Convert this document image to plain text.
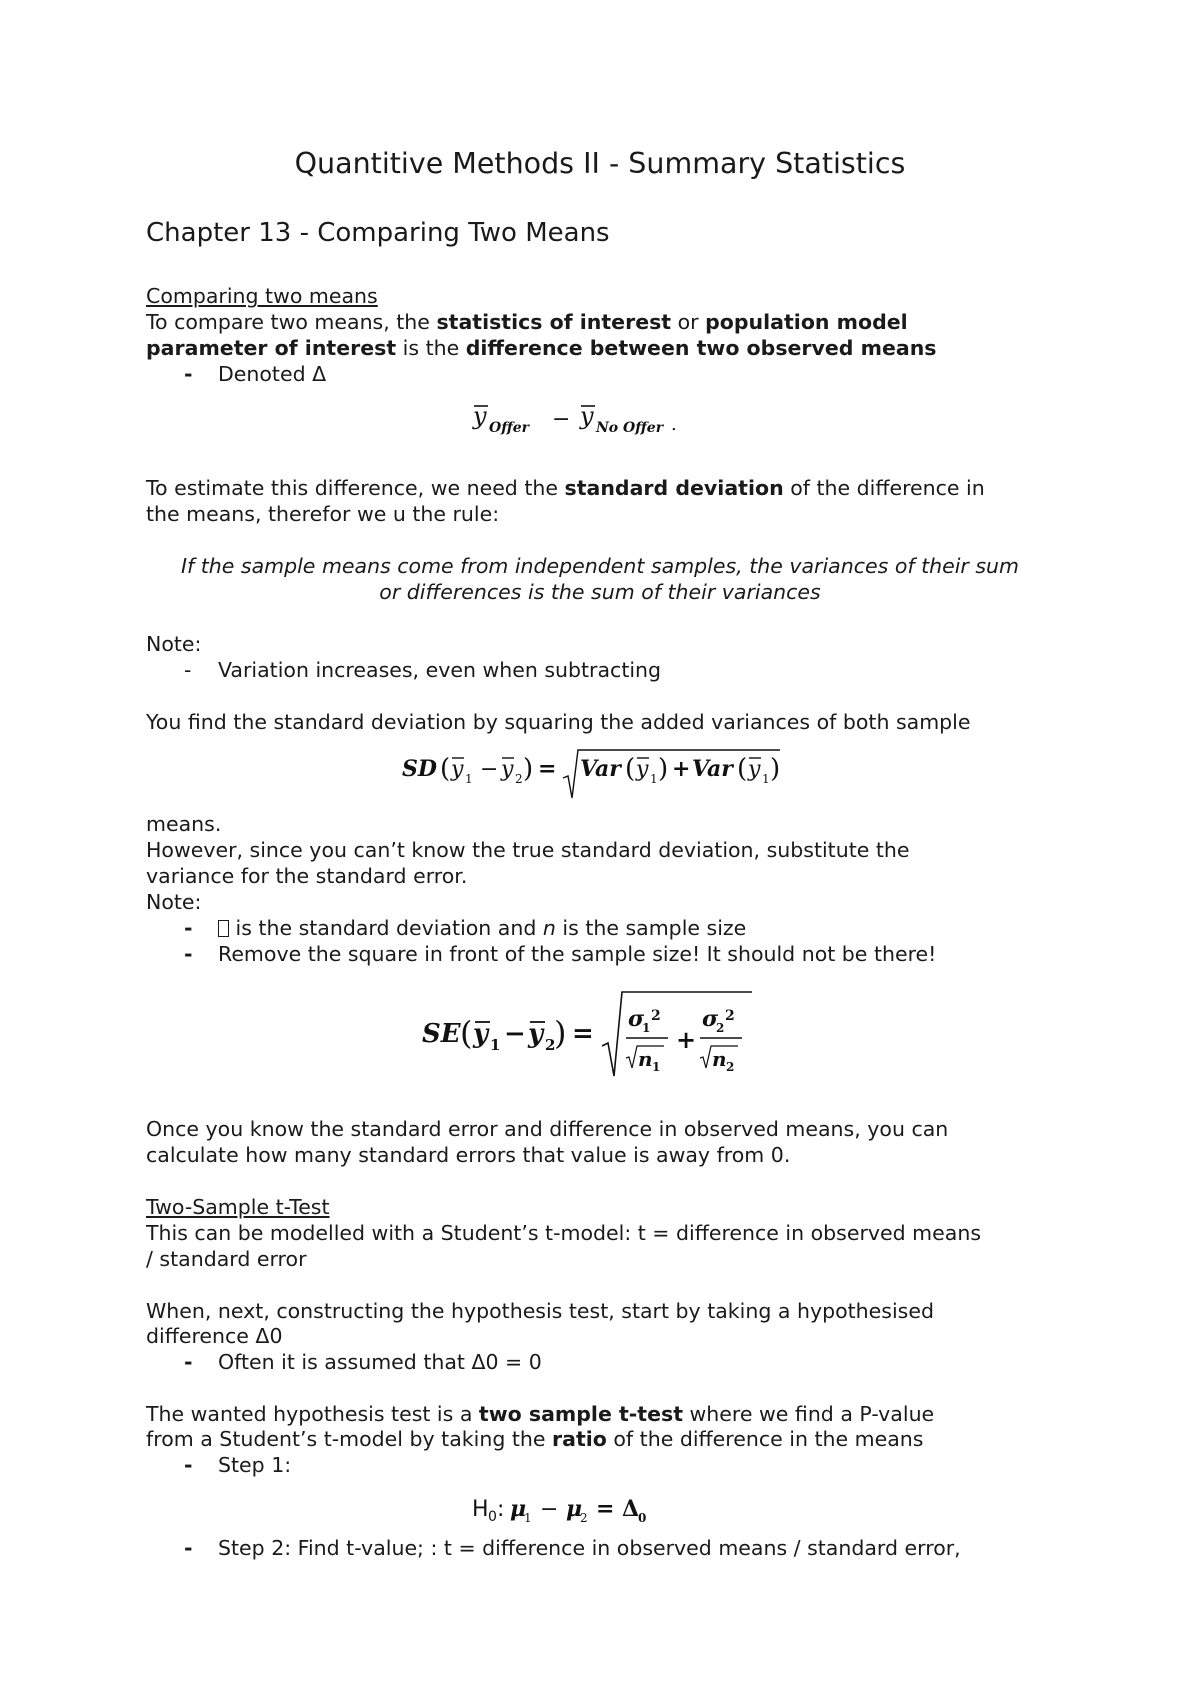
Quantitive Methods II - Summary Statistics
Chapter 13 - Comparing Two Means
Comparing two means
To compare two means, the statistics of interest or population model
parameter of interest is the difference between two observed means
- Denoted Δ
y Offer − y No Offer .
To estimate this difference, we need the standard deviation of the difference in
the means, therefor we u the rule:
If the sample means come from independent samples, the variances of their sum
or differences is the sum of their variances
Note:
- Variation increases, even when subtracting
You find the standard deviation by squaring the added variances of both sample
SD ( y 1 − y 2 ) = Var ( y 1 ) + Var ( y 1 )
means.
However, since you can’t know the true standard deviation, substitute the
variance for the standard error.
Note:
-	is the standard deviation and n is the sample size
- Remove the square in front of the sample size! It should not be there!
SE ( y 1 − y 2
) = σ
1
2
n 1
+
σ
2
2
n 2
Once you know the standard error and difference in observed means, you can
calculate how many standard errors that value is away from 0.
Two-Sample t-Test
This can be modelled with a Student’s t-model: t = difference in observed means
/ standard error
When, next, constructing the hypothesis test, start by taking a hypothesised
difference Δ0
- Often it is assumed that Δ0 = 0
The wanted hypothesis test is a two sample t-test where we find a P-value
from a Student’s t-model by taking the ratio of the difference in the means
- Step 1:
H 0 : μ
1 − μ
2 = Δ
0
- Step 2: Find t-value; : t = difference in observed means / standard error,
